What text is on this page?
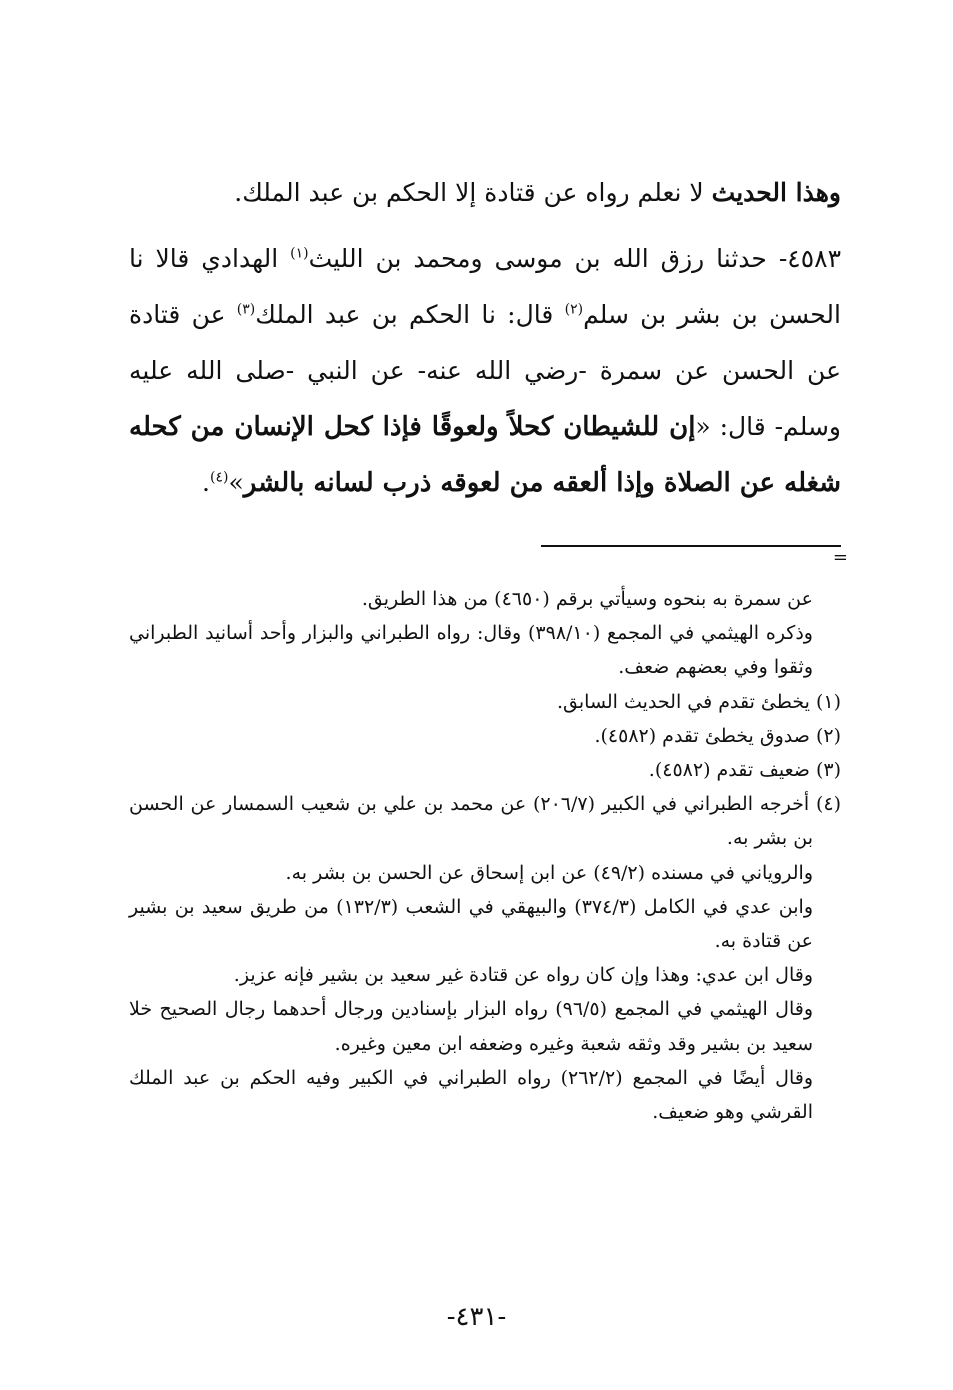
وهذا الحديث لا نعلم رواه عن قتادة إلا الحكم بن عبد الملك.

٤٥٨٣- حدثنا رزق الله بن موسى ومحمد بن الليث$^{(١)}$ الهدادي قالا نا الحسن بن بشر بن سلم$^{(٢)}$ قال: نا الحكم بن عبد الملك$^{(٣)}$ عن قتادة عن الحسن عن سمرة -رضي الله عنه- عن النبي -صلى الله عليه وسلم- قال: «إن للشيطان كحلاً ولعوقًا فإذا كحل الإنسان من كحله شغله عن الصلاة وإذا ألعقه من لعوقه ذرب لسانه بالشر»$^{(٤)}$.

=

عن سمرة به بنحوه وسيأتي برقم (٤٦٥٠) من هذا الطريق.

وذكره الهيثمي في المجمع (٣٩٨/١٠) وقال: رواه الطبراني والبزار وأحد أسانيد الطبراني وثقوا وفي بعضهم ضعف.

(١) يخطئ تقدم في الحديث السابق.

(٢) صدوق يخطئ تقدم (٤٥٨٢).

(٣) ضعيف تقدم (٤٥٨٢).

(٤) أخرجه الطبراني في الكبير (٢٠٦/٧) عن محمد بن علي بن شعيب السمسار عن الحسن بن بشر به.

والروياني في مسنده (٤٩/٢) عن ابن إسحاق عن الحسن بن بشر به.

وابن عدي في الكامل (٣٧٤/٣) والبيهقي في الشعب (١٣٢/٣) من طريق سعيد بن بشير عن قتادة به.

وقال ابن عدي: وهذا وإن كان رواه عن قتادة غير سعيد بن بشير فإنه عزيز.

وقال الهيثمي في المجمع (٩٦/٥) رواه البزار بإسنادين ورجال أحدهما رجال الصحيح خلا سعيد بن بشير وقد وثقه شعبة وغيره وضعفه ابن معين وغيره.

وقال أيضًا في المجمع (٢٦٢/٢) رواه الطبراني في الكبير وفيه الحكم بن عبد الملك القرشي وهو ضعيف.

-٤٣١-
